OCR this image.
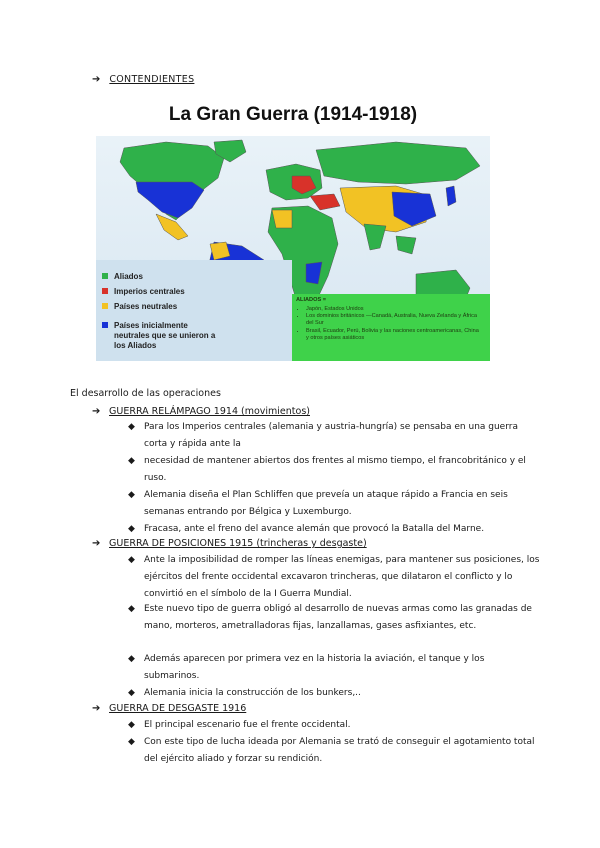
➔ CONTENDIENTES
La Gran Guerra (1914-1918)
Aliados
Imperios centrales
Países neutrales
Países inicialmente neutrales que se unieron a los Aliados
ALIADOS =
• Japón, Estados Unidos
• Los dominios británicos —Canadá, Australia, Nueva Zelanda y África del Sur
• Brasil, Ecuador, Perú, Bolivia y las naciones centroamericanas, China y otros países asiáticos
El desarrollo de las operaciones
➔ GUERRA RELÁMPAGO 1914 (movimientos)
◆	Para los Imperios centrales (alemania y austria-hungría) se pensaba en una guerra corta y rápida ante la
◆	necesidad de mantener abiertos dos frentes al mismo tiempo, el francobritánico y el ruso.
◆	Alemania diseña el Plan Schliffen que preveía un ataque rápido a Francia en seis semanas entrando por Bélgica y Luxemburgo.
◆	Fracasa, ante el freno del avance alemán que provocó la Batalla del Marne.
➔ GUERRA DE POSICIONES 1915 (trincheras y desgaste)
◆	Ante la imposibilidad de romper las líneas enemigas, para mantener sus posiciones, los ejércitos del frente occidental excavaron trincheras, que dilataron el conflicto y lo convirtió en el símbolo de la I Guerra Mundial.
◆	Este nuevo tipo de guerra obligó al desarrollo de nuevas armas como las granadas de mano, morteros, ametralladoras fijas, lanzallamas, gases asfixiantes, etc.
◆	Además aparecen por primera vez en la historia la aviación, el tanque y los submarinos.
◆	Alemania inicia la construcción de los bunkers,..
➔ GUERRA DE DESGASTE 1916
◆	El principal escenario fue el frente occidental.
◆	Con este tipo de lucha ideada por Alemania se trató de conseguir el agotamiento total del ejército aliado y forzar su rendición.
